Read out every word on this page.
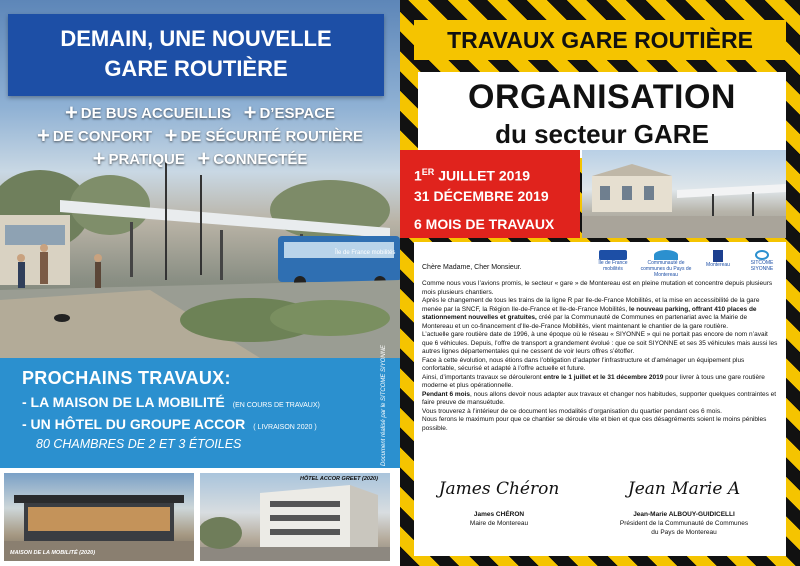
Île de France mobilités
DEMAIN, UNE NOUVELLE
GARE ROUTIÈRE
+ DE BUS ACCUEILLIS + D’ESPACE
+ DE CONFORT + DE SÉCURITÉ ROUTIÈRE
+ PRATIQUE + CONNECTÉE
PROCHAINS TRAVAUX:
- LA MAISON DE LA MOBILITÉ (EN COURS DE TRAVAUX)
- UN HÔTEL DU GROUPE ACCOR ( LIVRAISON 2020 )
80 CHAMBRES DE 2 ET 3 ÉTOILES	Document réalisé par le SITCOME SIYONNE
MAISON DE LA MOBILITÉ (2020)
HÔTEL ACCOR GREET (2020)
TRAVAUX GARE ROUTIÈRE
ORGANISATION
du secteur GARE
1ER JUILLET 2019
31 DÉCEMBRE 2019
6 MOIS DE TRAVAUX
Île de France mobilités
Communauté de communes du Pays de Montereau
Montereau	SITCOME SIYONNE
Chère Madame, Cher Monsieur.

Comme nous vous l’avions promis, le secteur « gare » de Montereau est en pleine mutation et concentre depuis plusieurs mois plusieurs chantiers.

Après le changement de tous les trains de la ligne R par Ile-de-France Mobilités, et la mise en accessibilité de la gare menée par la SNCF, la Région Ile-de-France et Ile-de-France Mobilités, le nouveau parking, offrant 410 places de stationnement nouvelles et gratuites, créé par la Communauté de Communes en partenariat avec la Mairie de Montereau et un co-financement d’Ile-de-France Mobilités, vient maintenant le chantier de la gare routière.

L’actuelle gare routière date de 1996, à une époque où le réseau « SIYONNE » qui ne portait pas encore de nom n’avait que 6 véhicules. Depuis, l’offre de transport a grandement évolué : que ce soit SIYONNE et ses 35 véhicules mais aussi les autres lignes départementales qui ne cessent de voir leurs offres s’étoffer.

Face à cette évolution, nous étions dans l’obligation d’adapter l’infrastructure et d’aménager un équipement plus confortable, sécurisé et adapté à l’offre actuelle et future.

Ainsi, d’importants travaux se dérouleront entre le 1 juillet et le 31 décembre 2019 pour livrer à tous une gare routière moderne et plus opérationnelle.

Pendant 6 mois, nous allons devoir nous adapter aux travaux et changer nos habitudes, supporter quelques contraintes et faire preuve de mansuétude.

Vous trouverez à l’intérieur de ce document les modalités d’organisation du quartier pendant ces 6 mois.

Nous ferons le maximum pour que ce chantier se déroule vite et bien et que ces désagréments soient le moins pénibles possible.

James Chéron
James CHÉRON
Maire de Montereau
Jean Marie A
Jean-Marie ALBOUY-GUIDICELLI
Président de la Communauté de Communes
du Pays de Montereau
